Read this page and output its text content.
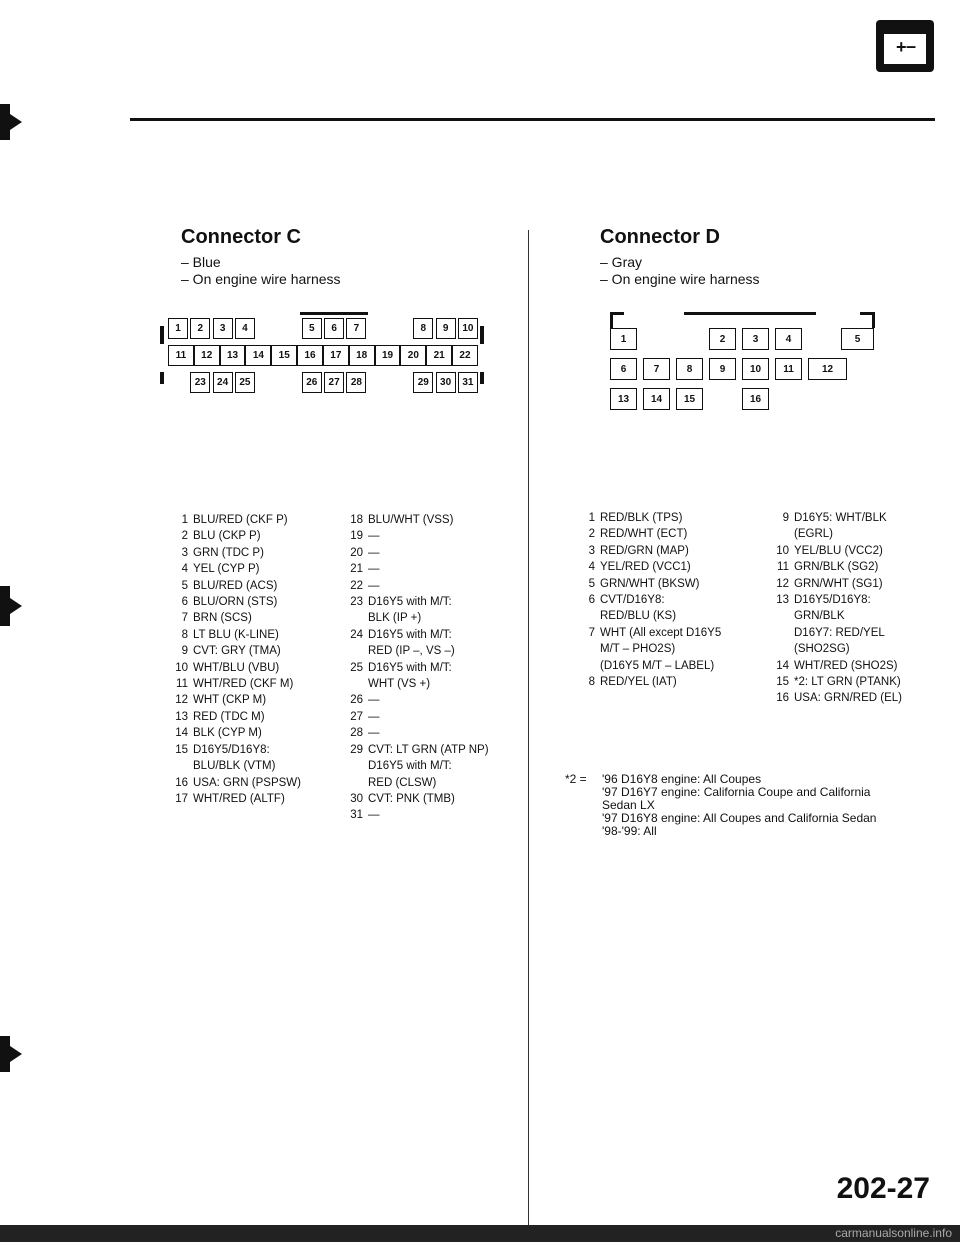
+ –
Connector C
– Blue
– On engine wire harness
1	2	3	4	5	6	7	8	9	10
11	12	13	14	15	16	17	18	19	20	21	22
23	24	25	26	27	28	29	30	31
1 BLU/RED (CKF P)
2 BLU (CKP P)
3 GRN (TDC P)
4 YEL (CYP P)
5 BLU/RED (ACS)
6 BLU/ORN (STS)
7 BRN (SCS)
8 LT BLU (K-LINE)
9 CVT: GRY (TMA)
10 WHT/BLU (VBU)
11 WHT/RED (CKF M)
12 WHT (CKP M)
13 RED (TDC M)
14 BLK (CYP M)
15 D16Y5/D16Y8:
BLU/BLK (VTM)
16 USA: GRN (PSPSW)
17 WHT/RED (ALTF)
18 BLU/WHT (VSS)
19 —
20 —
21 —
22 —
23 D16Y5 with M/T:
BLK (IP +)
24 D16Y5 with M/T:
RED (IP –, VS –)
25 D16Y5 with M/T:
WHT (VS +)
26 —
27 —
28 —
29 CVT: LT GRN (ATP NP)
D16Y5 with M/T:
RED (CLSW)
30 CVT: PNK (TMB)
31 —
Connector D
– Gray
– On engine wire harness
1	2	3	4	5
6	7	8	9	10	11	12
13	14	15	16
1 RED/BLK (TPS)
2 RED/WHT (ECT)
3 RED/GRN (MAP)
4 YEL/RED (VCC1)
5 GRN/WHT (BKSW)
6 CVT/D16Y8:
RED/BLU (KS)
7 WHT (All except D16Y5
M/T – PHO2S)
(D16Y5 M/T – LABEL)
8 RED/YEL (IAT)
9 D16Y5: WHT/BLK
(EGRL)
10 YEL/BLU (VCC2)
11 GRN/BLK (SG2)
12 GRN/WHT (SG1)
13 D16Y5/D16Y8:
GRN/BLK
D16Y7: RED/YEL
(SHO2SG)
14 WHT/RED (SHO2S)
15 *2: LT GRN (PTANK)
16 USA: GRN/RED (EL)
*2 = '96 D16Y8 engine: All Coupes
'97 D16Y7 engine: California Coupe and California
Sedan LX
'97 D16Y8 engine: All Coupes and California Sedan
'98-'99: All
202-27
carmanualsonline.info
